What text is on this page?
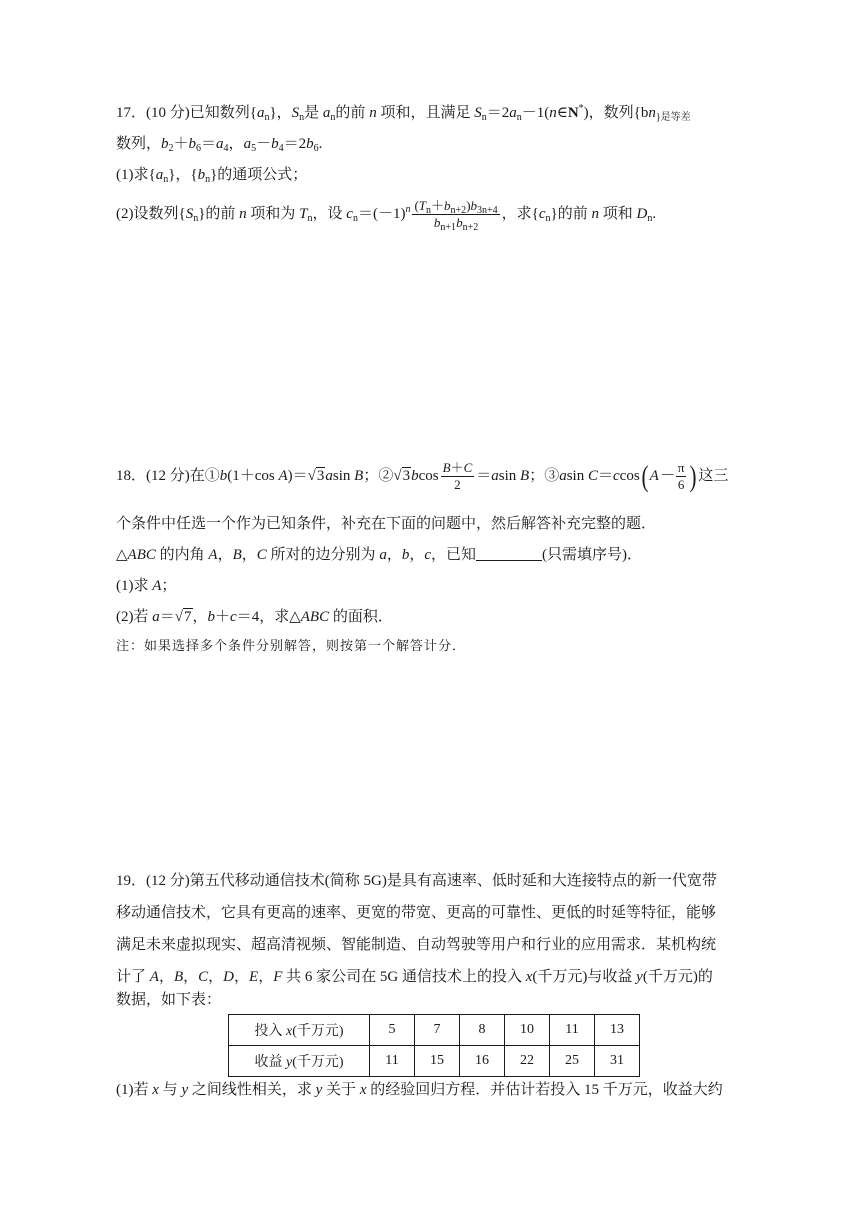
17．(10 分)已知数列$\{a_n\}$，$S_n$是 $a_n$的前 n 项和，且满足 $S_n=2a_n-1(n\in N^*)$，数列{$bn_{\}是等差}$
数列，$b_2+b_6=a_4$，$a_5-b_4=2b_6$.
(1)求$\{a_n\}$，$\{b_n\}$的通项公式；
(2)设数列$\{S_n\}$的前 n 项和为 $T_n$，设 $c_n=(-1)^n \frac{(T_n+b_{n+2})b_{3n+4}}{b_{n+1}b_{n+2}}$ ，求$\{c_n\}$的前 n 项和 $D_n$.
18．(12 分)在①b(1＋cos A)＝√3asin B；②√3bcos $\frac{B+C}{2} =asin$ B；③asin C＝ccos( $A- \frac{\pi}{6}$ ) 这三
个条件中任选一个作为已知条件，补充在下面的问题中，然后解答补充完整的题．
△ABC 的内角 A，B，C 所对的边分别为 a，b，c，已知	(只需填序号)．
(1)求 A；
(2)若 a＝√7，b＋c＝4，求△ABC 的面积．
注：如果选择多个条件分别解答，则按第一个解答计分．
19．(12 分)第五代移动通信技术(简称 5G)是具有高速率、低时延和大连接特点的新一代宽带
移动通信技术，它具有更高的速率、更宽的带宽、更高的可靠性、更低的时延等特征，能够
满足未来虚拟现实、超高清视频、智能制造、自动驾驶等用户和行业的应用需求．某机构统
计了 A，B，C，D，E，F 共 6 家公司在 5G 通信技术上的投入 x(千万元)与收益 y(千万元)的
数据，如下表：
投入 x(千万元)	5	7	8	10	11	13
收益 y(千万元)	11	15	16	22	25	31
(1)若 x 与 y 之间线性相关，求 y 关于 x 的经验回归方程．并估计若投入 15 千万元，收益大约
